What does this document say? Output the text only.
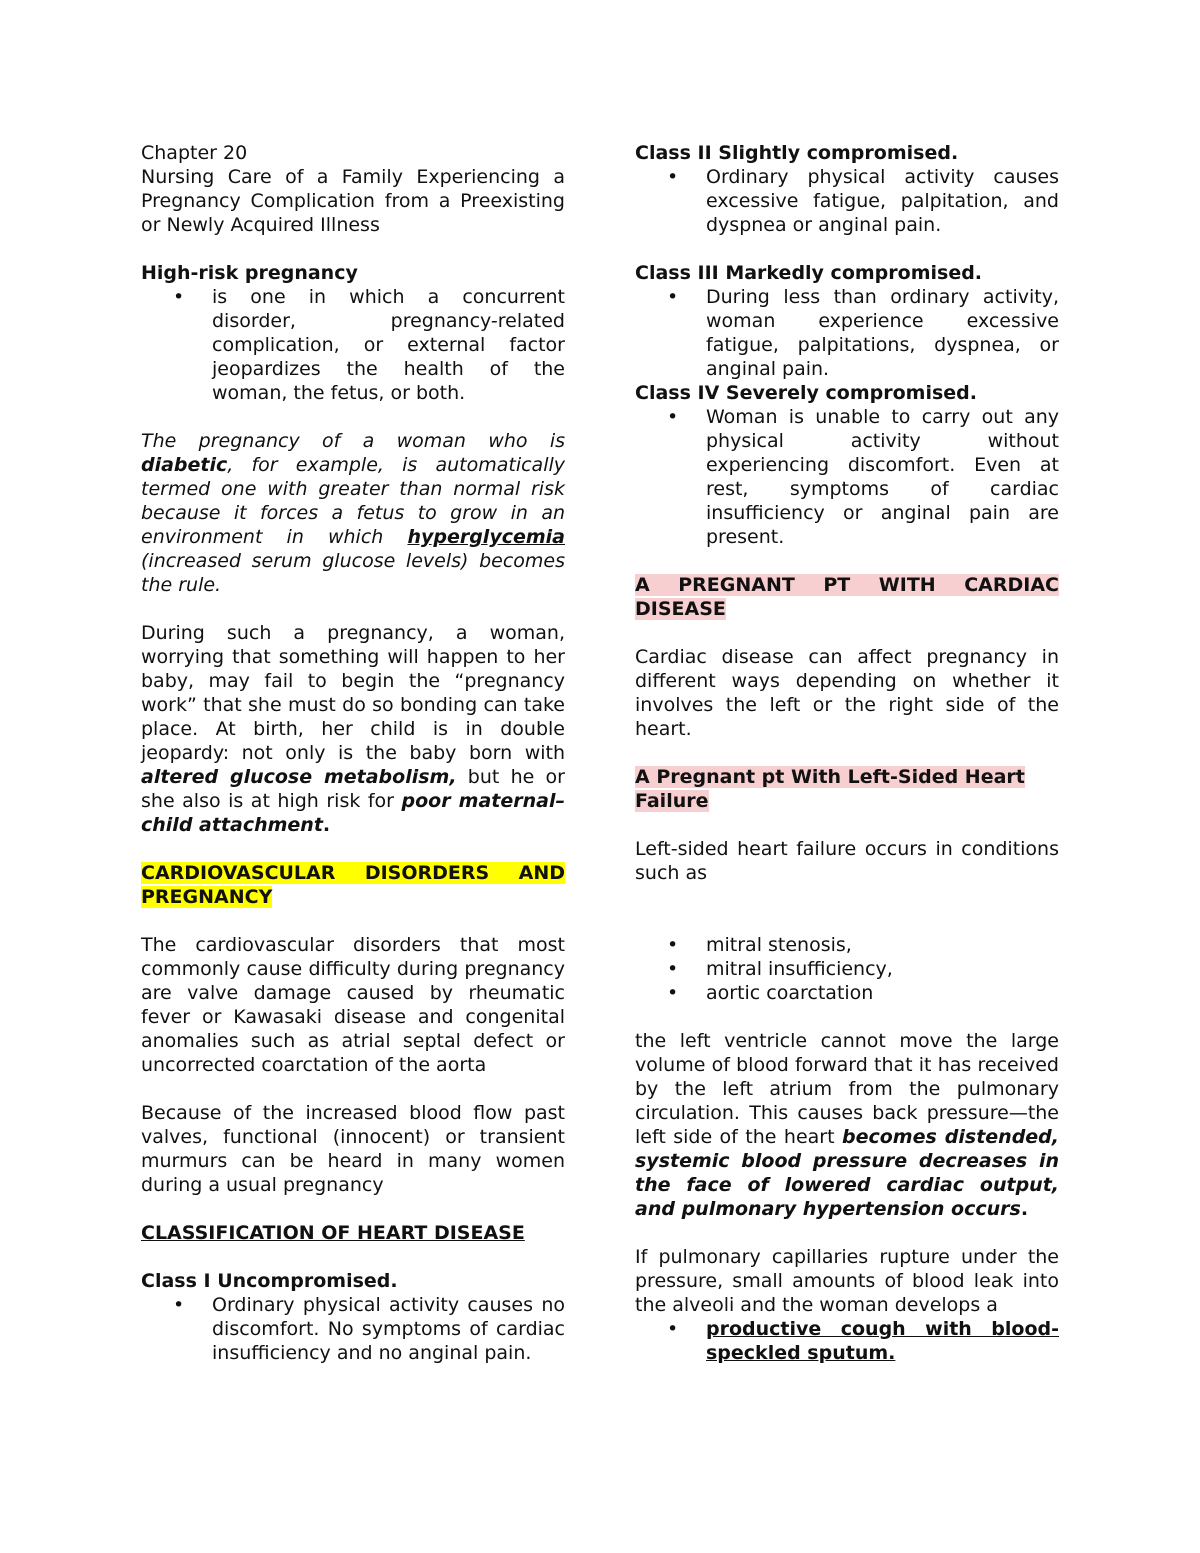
Chapter 20

Nursing Care of a Family Experiencing a Pregnancy Complication from a Preexisting or Newly Acquired Illness

High-risk pregnancy

• is one in which a concurrent disorder, pregnancy-related complication, or external factor jeopardizes the health of the woman, the fetus, or both.

The pregnancy of a woman who is diabetic, for example, is automatically termed one with greater than normal risk because it forces a fetus to grow in an environment in which hyperglycemia (increased serum glucose levels) becomes the rule.

During such a pregnancy, a woman, worrying that something will happen to her baby, may fail to begin the “pregnancy work” that she must do so bonding can take place. At birth, her child is in double jeopardy: not only is the baby born with altered glucose metabolism, but he or she also is at high risk for poor maternal–child attachment.

CARDIOVASCULAR DISORDERS AND PREGNANCY

The cardiovascular disorders that most commonly cause difficulty during pregnancy are valve damage caused by rheumatic fever or Kawasaki disease and congenital anomalies such as atrial septal defect or uncorrected coarctation of the aorta

Because of the increased blood flow past valves, functional (innocent) or transient murmurs can be heard in many women during a usual pregnancy

CLASSIFICATION OF HEART DISEASE

Class I Uncompromised.

• Ordinary physical activity causes no discomfort. No symptoms of cardiac insufficiency and no anginal pain.

Class II Slightly compromised.

• Ordinary physical activity causes excessive fatigue, palpitation, and dyspnea or anginal pain.

Class III Markedly compromised.

• During less than ordinary activity, woman experience excessive fatigue, palpitations, dyspnea, or anginal pain.

Class IV Severely compromised.

• Woman is unable to carry out any physical activity without experiencing discomfort. Even at rest, symptoms of cardiac insufficiency or anginal pain are present.

A PREGNANT PT WITH CARDIAC DISEASE

Cardiac disease can affect pregnancy in different ways depending on whether it involves the left or the right side of the heart.

A Pregnant pt With Left-Sided Heart Failure

Left-sided heart failure occurs in conditions such as

• mitral stenosis,
• mitral insufficiency,
• aortic coarctation

the left ventricle cannot move the large volume of blood forward that it has received by the left atrium from the pulmonary circulation. This causes back pressure—the left side of the heart becomes distended, systemic blood pressure decreases in the face of lowered cardiac output, and pulmonary hypertension occurs.

If pulmonary capillaries rupture under the pressure, small amounts of blood leak into the alveoli and the woman develops a

• productive cough with blood-speckled sputum.
